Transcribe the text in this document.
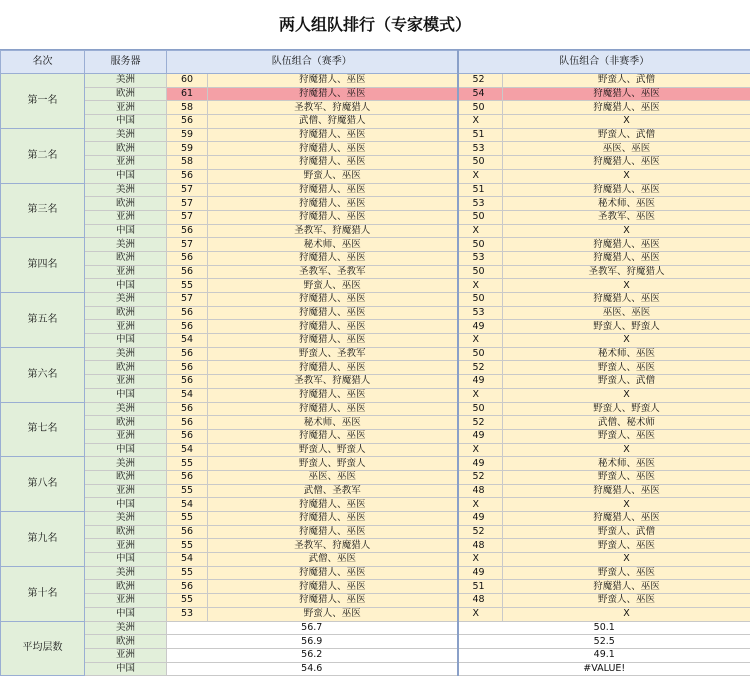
两人组队排行（专家模式）
名次	服务器	队伍组合（赛季）		队伍组合（非赛季）	
第一名	美洲	60	狩魔猎人、巫医	52	野蛮人、武僧
	欧洲	61	狩魔猎人、巫医	54	狩魔猎人、巫医
	亚洲	58	圣教军、狩魔猎人	50	狩魔猎人、巫医
	中国	56	武僧、狩魔猎人	X	X
第二名	美洲	59	狩魔猎人、巫医	51	野蛮人、武僧
	欧洲	59	狩魔猎人、巫医	53	巫医、巫医
	亚洲	58	狩魔猎人、巫医	50	狩魔猎人、巫医
	中国	56	野蛮人、巫医	X	X
第三名	美洲	57	狩魔猎人、巫医	51	狩魔猎人、巫医
	欧洲	57	狩魔猎人、巫医	53	秘术师、巫医
	亚洲	57	狩魔猎人、巫医	50	圣教军、巫医
	中国	56	圣教军、狩魔猎人	X	X
第四名	美洲	57	秘术师、巫医	50	狩魔猎人、巫医
	欧洲	56	狩魔猎人、巫医	53	狩魔猎人、巫医
	亚洲	56	圣教军、圣教军	50	圣教军、狩魔猎人
	中国	55	野蛮人、巫医	X	X
第五名	美洲	57	狩魔猎人、巫医	50	狩魔猎人、巫医
	欧洲	56	狩魔猎人、巫医	53	巫医、巫医
	亚洲	56	狩魔猎人、巫医	49	野蛮人、野蛮人
	中国	54	狩魔猎人、巫医	X	X
第六名	美洲	56	野蛮人、圣教军	50	秘术师、巫医
	欧洲	56	狩魔猎人、巫医	52	野蛮人、巫医
	亚洲	56	圣教军、狩魔猎人	49	野蛮人、武僧
	中国	54	狩魔猎人、巫医	X	X
第七名	美洲	56	狩魔猎人、巫医	50	野蛮人、野蛮人
	欧洲	56	秘术师、巫医	52	武僧、秘术师
	亚洲	56	狩魔猎人、巫医	49	野蛮人、巫医
	中国	54	野蛮人、野蛮人	X	X
第八名	美洲	55	野蛮人、野蛮人	49	秘术师、巫医
	欧洲	56	巫医、巫医	52	野蛮人、巫医
	亚洲	55	武僧、圣教军	48	狩魔猎人、巫医
	中国	54	狩魔猎人、巫医	X	X
第九名	美洲	55	狩魔猎人、巫医	49	狩魔猎人、巫医
	欧洲	56	狩魔猎人、巫医	52	野蛮人、武僧
	亚洲	55	圣教军、狩魔猎人	48	野蛮人、巫医
	中国	54	武僧、巫医	X	X
第十名	美洲	55	狩魔猎人、巫医	49	野蛮人、巫医
	欧洲	56	狩魔猎人、巫医	51	狩魔猎人、巫医
	亚洲	55	狩魔猎人、巫医	48	野蛮人、巫医
	中国	53	野蛮人、巫医	X	X
平均层数	美洲	56.7		50.1	
	欧洲	56.9		52.5	
	亚洲	56.2		49.1	
	中国	54.6		#VALUE!	
